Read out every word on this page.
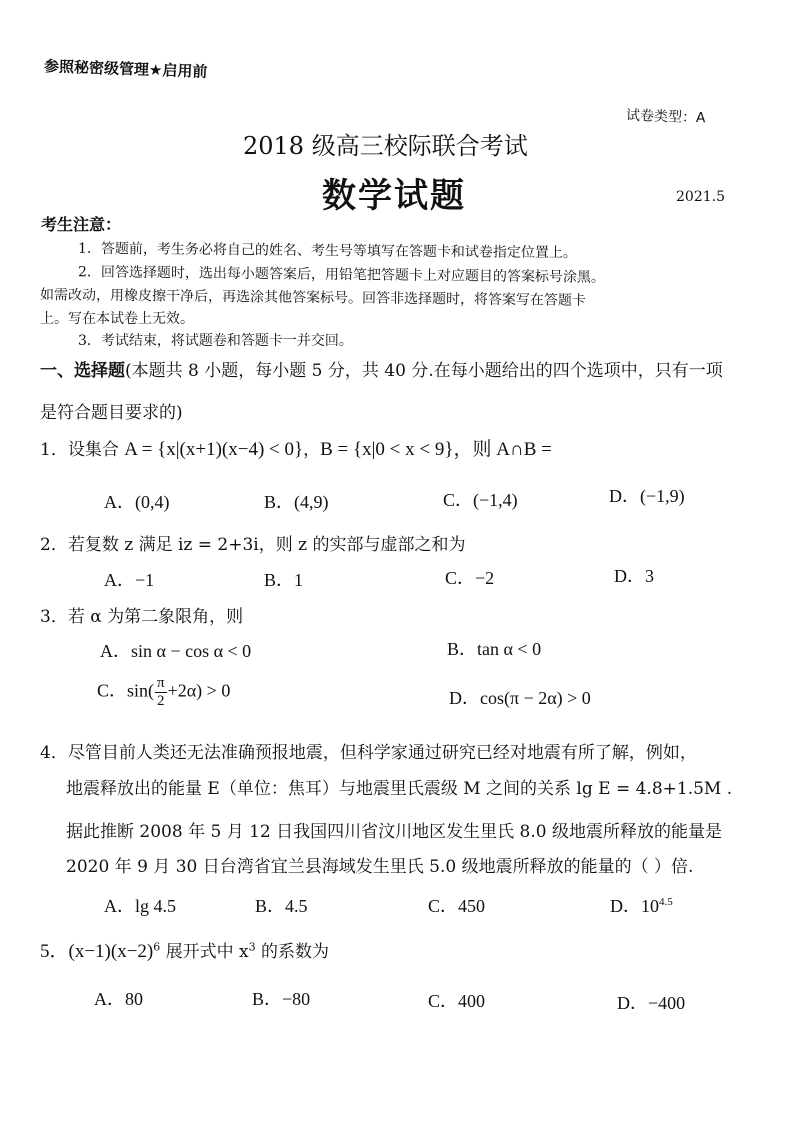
参照秘密级管理★启用前
试卷类型：A
2018 级高三校际联合考试
数学试题	2021.5
考生注意：
1．答题前，考生务必将自己的姓名、考生号等填写在答题卡和试卷指定位置上。
2．回答选择题时，选出每小题答案后，用铅笔把答题卡上对应题目的答案标号涂黑。
如需改动，用橡皮擦干净后，再选涂其他答案标号。回答非选择题时，将答案写在答题卡
上。写在本试卷上无效。
3．考试结束，将试题卷和答题卡一并交回。
一、选择题(本题共 8 小题，每小题 5 分，共 40 分.在每小题给出的四个选项中，只有一项
是符合题目要求的)
1．设集合 A = {x|(x+1)(x−4) < 0}，B = {x|0 < x < 9}，则 A∩B =
A．(0,4)	B．(4,9)	C．(−1,4)	D．(−1,9)
2．若复数 z 满足 iz = 2+3i，则 z 的实部与虚部之和为
A．−1	B．1	C．−2	D．3
3．若 α 为第二象限角，则
A．sin α − cos α < 0	B．tan α < 0
C．$\sin( \frac{\pi}{2} +2\alpha) > 0$	D．cos(π − 2α) > 0
4．尽管目前人类还无法准确预报地震，但科学家通过研究已经对地震有所了解，例如，
地震释放出的能量 E（单位：焦耳）与地震里氏震级 M 之间的关系 lg E = 4.8+1.5M .
据此推断 2008 年 5 月 12 日我国四川省汶川地区发生里氏 8.0 级地震所释放的能量是
2020 年 9 月 30 日台湾省宜兰县海域发生里氏 5.0 级地震所释放的能量的（ ）倍.
A．lg 4.5	B．4.5	C．450	D．$10^{4.5}$
5．$(x-1)(x-2)^6$ 展开式中 $x^3$ 的系数为
A．80	B．−80	C．400	D．−400
